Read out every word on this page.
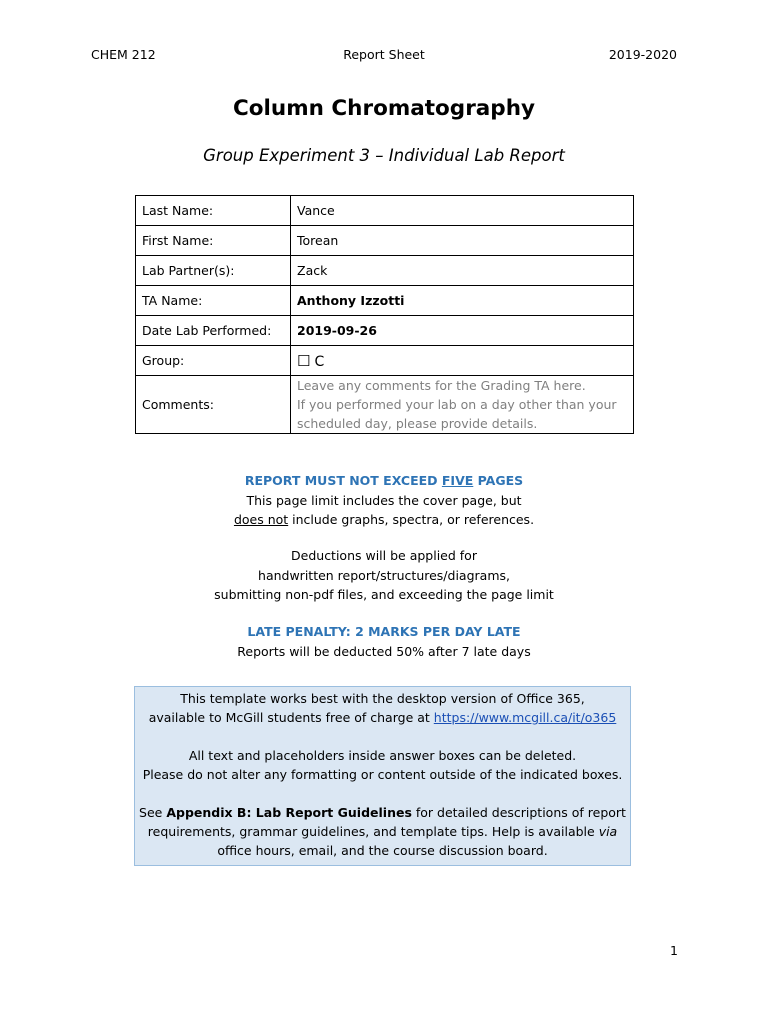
CHEM 212	Report Sheet	2019-2020
Column Chromatography
Group Experiment 3 – Individual Lab Report
Last Name:	Vance
First Name:	Torean
Lab Partner(s):	Zack
TA Name:	Anthony Izzotti
Date Lab Performed:	2019-09-26
Group:	☐ C
Comments:	Leave any comments for the Grading TA here.
If you performed your lab on a day other than your
scheduled day, please provide details.
REPORT MUST NOT EXCEED FIVE PAGES
This page limit includes the cover page, but
does not include graphs, spectra, or references.
Deductions will be applied for
handwritten report/structures/diagrams,
submitting non-pdf files, and exceeding the page limit
LATE PENALTY: 2 MARKS PER DAY LATE
Reports will be deducted 50% after 7 late days
This template works best with the desktop version of Office 365,
available to McGill students free of charge at https://www.mcgill.ca/it/o365
All text and placeholders inside answer boxes can be deleted.
Please do not alter any formatting or content outside of the indicated boxes.
See Appendix B: Lab Report Guidelines for detailed descriptions of report
requirements, grammar guidelines, and template tips. Help is available via
office hours, email, and the course discussion board.
1
